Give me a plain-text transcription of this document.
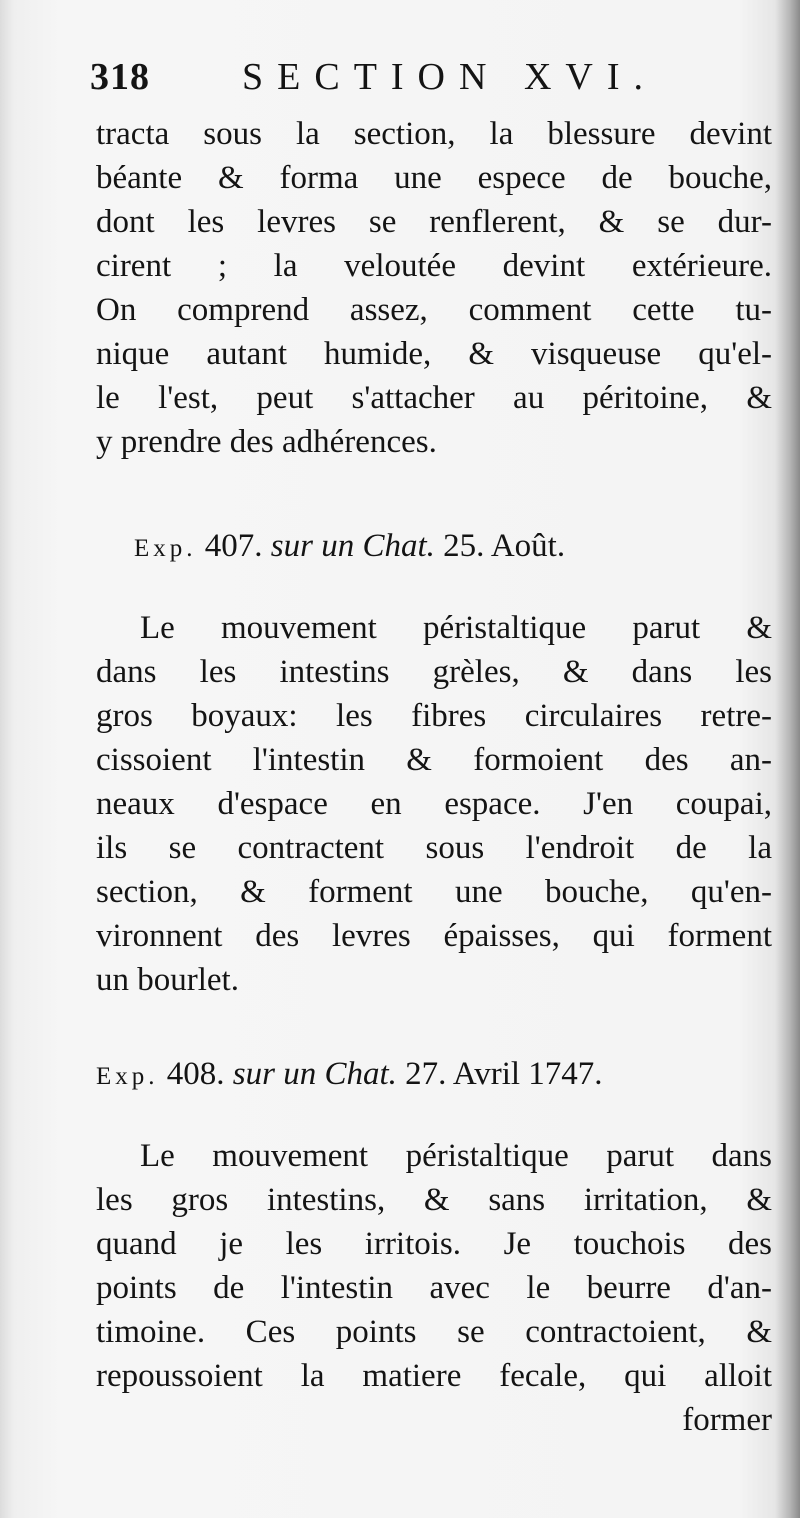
318 SECTION XVI.
tracta sous la section, la blessure devint
béante & forma une espece de bouche,
dont les levres se renflerent, & se dur-
cirent ; la veloutée devint extérieure.
On comprend assez, comment cette tu-
nique autant humide, & visqueuse qu'el-
le l'est, peut s'attacher au péritoine, &
y prendre des adhérences.
Exp. 407. sur un Chat. 25. Août.
Le mouvement péristaltique parut &
dans les intestins grèles, & dans les
gros boyaux: les fibres circulaires retre-
cissoient l'intestin & formoient des an-
neaux d'espace en espace. J'en coupai,
ils se contractent sous l'endroit de la
section, & forment une bouche, qu'en-
vironnent des levres épaisses, qui forment
un bourlet.
Exp. 408. sur un Chat. 27. Avril 1747.
Le mouvement péristaltique parut dans
les gros intestins, & sans irritation, &
quand je les irritois. Je touchois des
points de l'intestin avec le beurre d'an-
timoine. Ces points se contractoient, &
repoussoient la matiere fecale, qui alloit
former
